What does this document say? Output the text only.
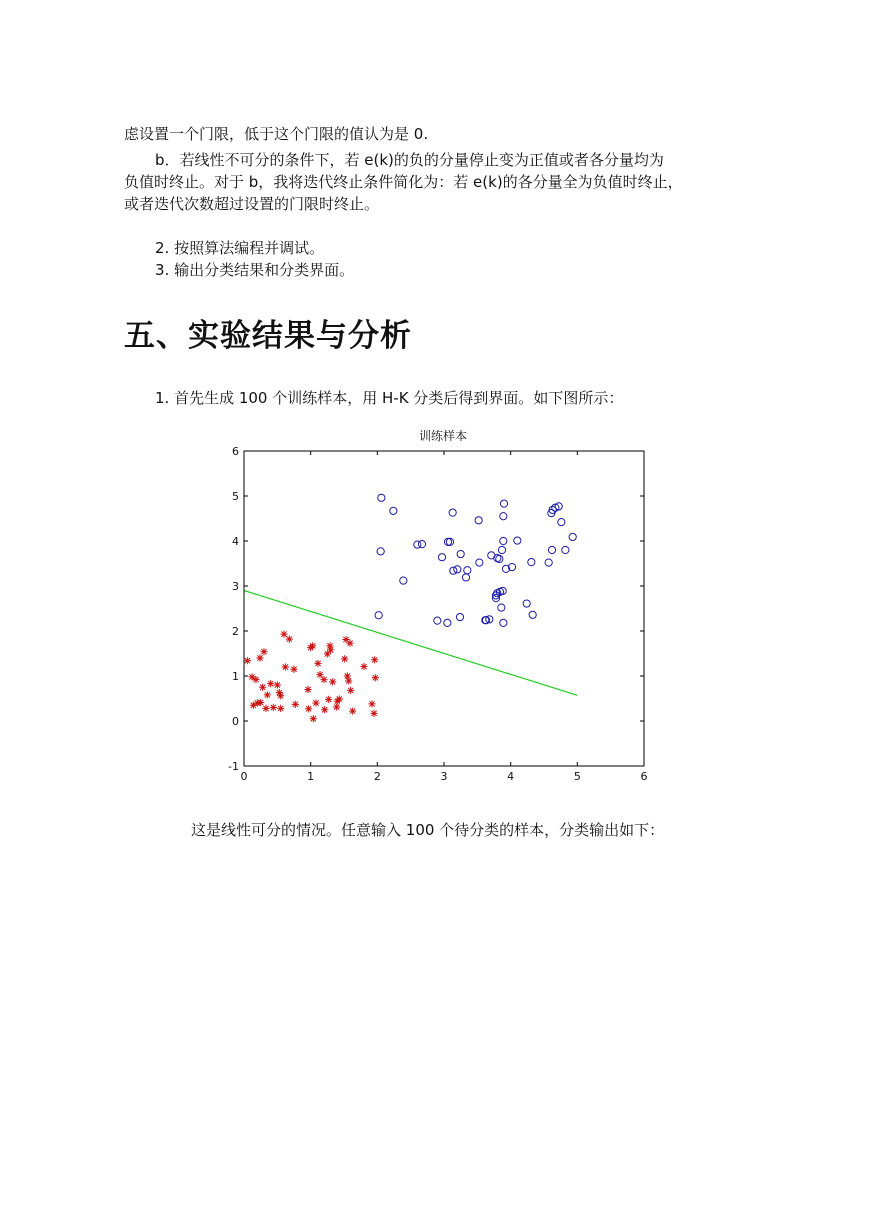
虑设置一个门限，低于这个门限的值认为是 0.
b．若线性不可分的条件下，若 e(k)的负的分量停止变为正值或者各分量均为
负值时终止。对于 b，我将迭代终止条件简化为：若 e(k)的各分量全为负值时终止，
或者迭代次数超过设置的门限时终止。
2. 按照算法编程并调试。
3. 输出分类结果和分类界面。
五、实验结果与分析
1. 首先生成 100 个训练样本，用 H-K 分类后得到界面。如下图所示：
训练样本
0	1	2	3	4	5	6
-1
0
1
2
3
4
5
6
这是线性可分的情况。任意输入 100 个待分类的样本，分类输出如下：
